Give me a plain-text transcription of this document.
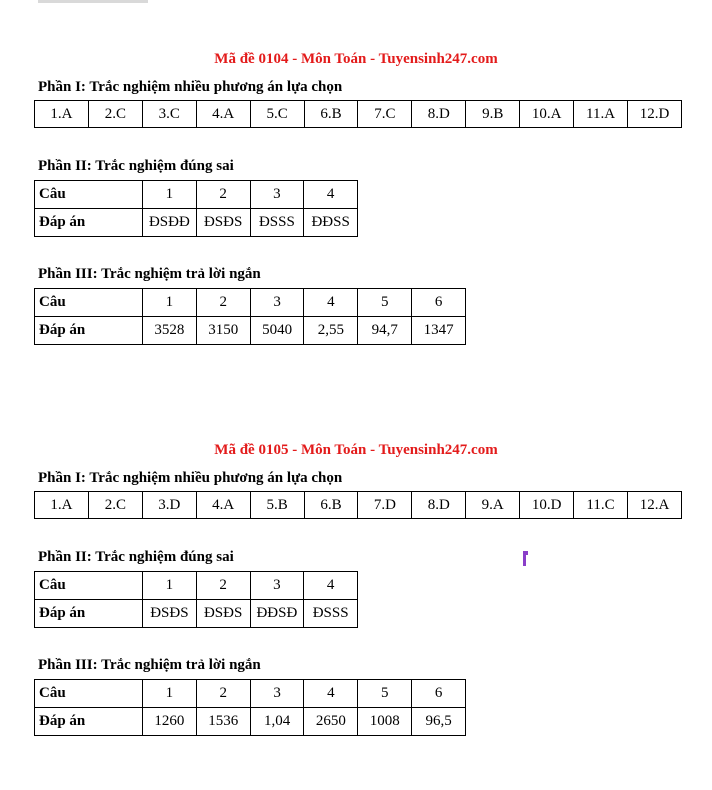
Mã đề 0104 - Môn Toán - Tuyensinh247.com
Phần I: Trắc nghiệm nhiều phương án lựa chọn
1.A	2.C	3.C	4.A	5.C	6.B	7.C	8.D	9.B	10.A	11.A	12.D
Phần II: Trắc nghiệm đúng sai
Câu	1	2	3	4
Đáp án	ĐSĐĐ	ĐSĐS	ĐSSS	ĐĐSS
Phần III: Trắc nghiệm trả lời ngắn
Câu	1	2	3	4	5	6
Đáp án	3528	3150	5040	2,55	94,7	1347
Mã đề 0105 - Môn Toán - Tuyensinh247.com
Phần I: Trắc nghiệm nhiều phương án lựa chọn
1.A	2.C	3.D	4.A	5.B	6.B	7.D	8.D	9.A	10.D	11.C	12.A
Phần II: Trắc nghiệm đúng sai
Câu	1	2	3	4
Đáp án	ĐSĐS	ĐSĐS	ĐĐSĐ	ĐSSS
Phần III: Trắc nghiệm trả lời ngắn
Câu	1	2	3	4	5	6
Đáp án	1260	1536	1,04	2650	1008	96,5
